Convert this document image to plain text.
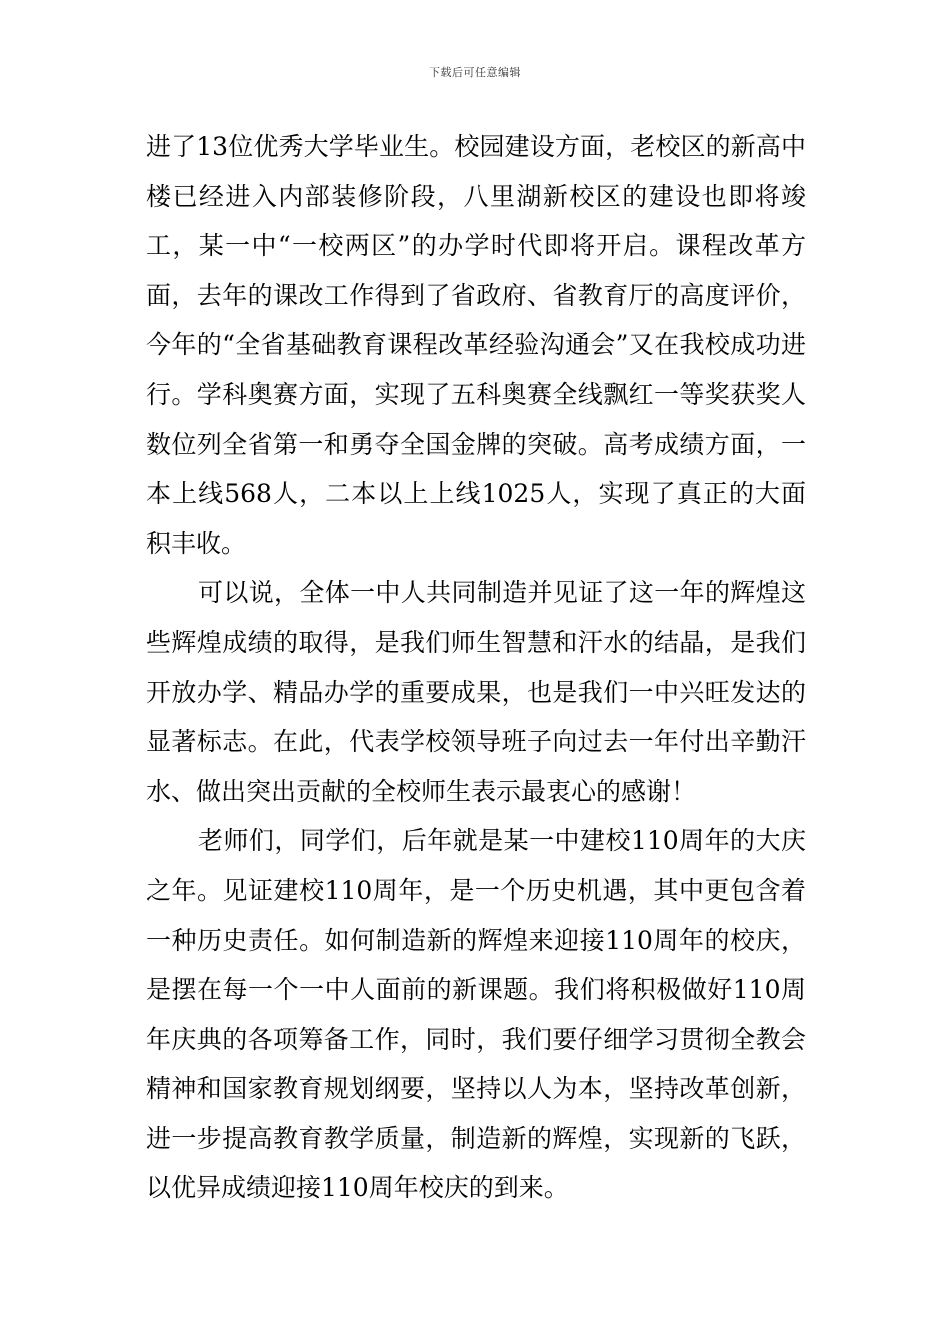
下载后可任意编辑

进了13位优秀大学毕业生。校园建设方面，老校区的新高中楼已经进入内部装修阶段，八里湖新校区的建设也即将竣工，某一中“一校两区”的办学时代即将开启。课程改革方面，去年的课改工作得到了省政府、省教育厅的高度评价，今年的“全省基础教育课程改革经验沟通会”又在我校成功进行。学科奥赛方面，实现了五科奥赛全线飘红一等奖获奖人数位列全省第一和勇夺全国金牌的突破。高考成绩方面，一本上线568人，二本以上上线1025人，实现了真正的大面积丰收。

可以说，全体一中人共同制造并见证了这一年的辉煌这些辉煌成绩的取得，是我们师生智慧和汗水的结晶，是我们开放办学、精品办学的重要成果，也是我们一中兴旺发达的显著标志。在此，代表学校领导班子向过去一年付出辛勤汗水、做出突出贡献的全校师生表示最衷心的感谢！

老师们，同学们，后年就是某一中建校110周年的大庆之年。见证建校110周年，是一个历史机遇，其中更包含着一种历史责任。如何制造新的辉煌来迎接110周年的校庆，是摆在每一个一中人面前的新课题。我们将积极做好110周年庆典的各项筹备工作，同时，我们要仔细学习贯彻全教会精神和国家教育规划纲要，坚持以人为本，坚持改革创新，进一步提高教育教学质量，制造新的辉煌，实现新的飞跃，以优异成绩迎接110周年校庆的到来。
